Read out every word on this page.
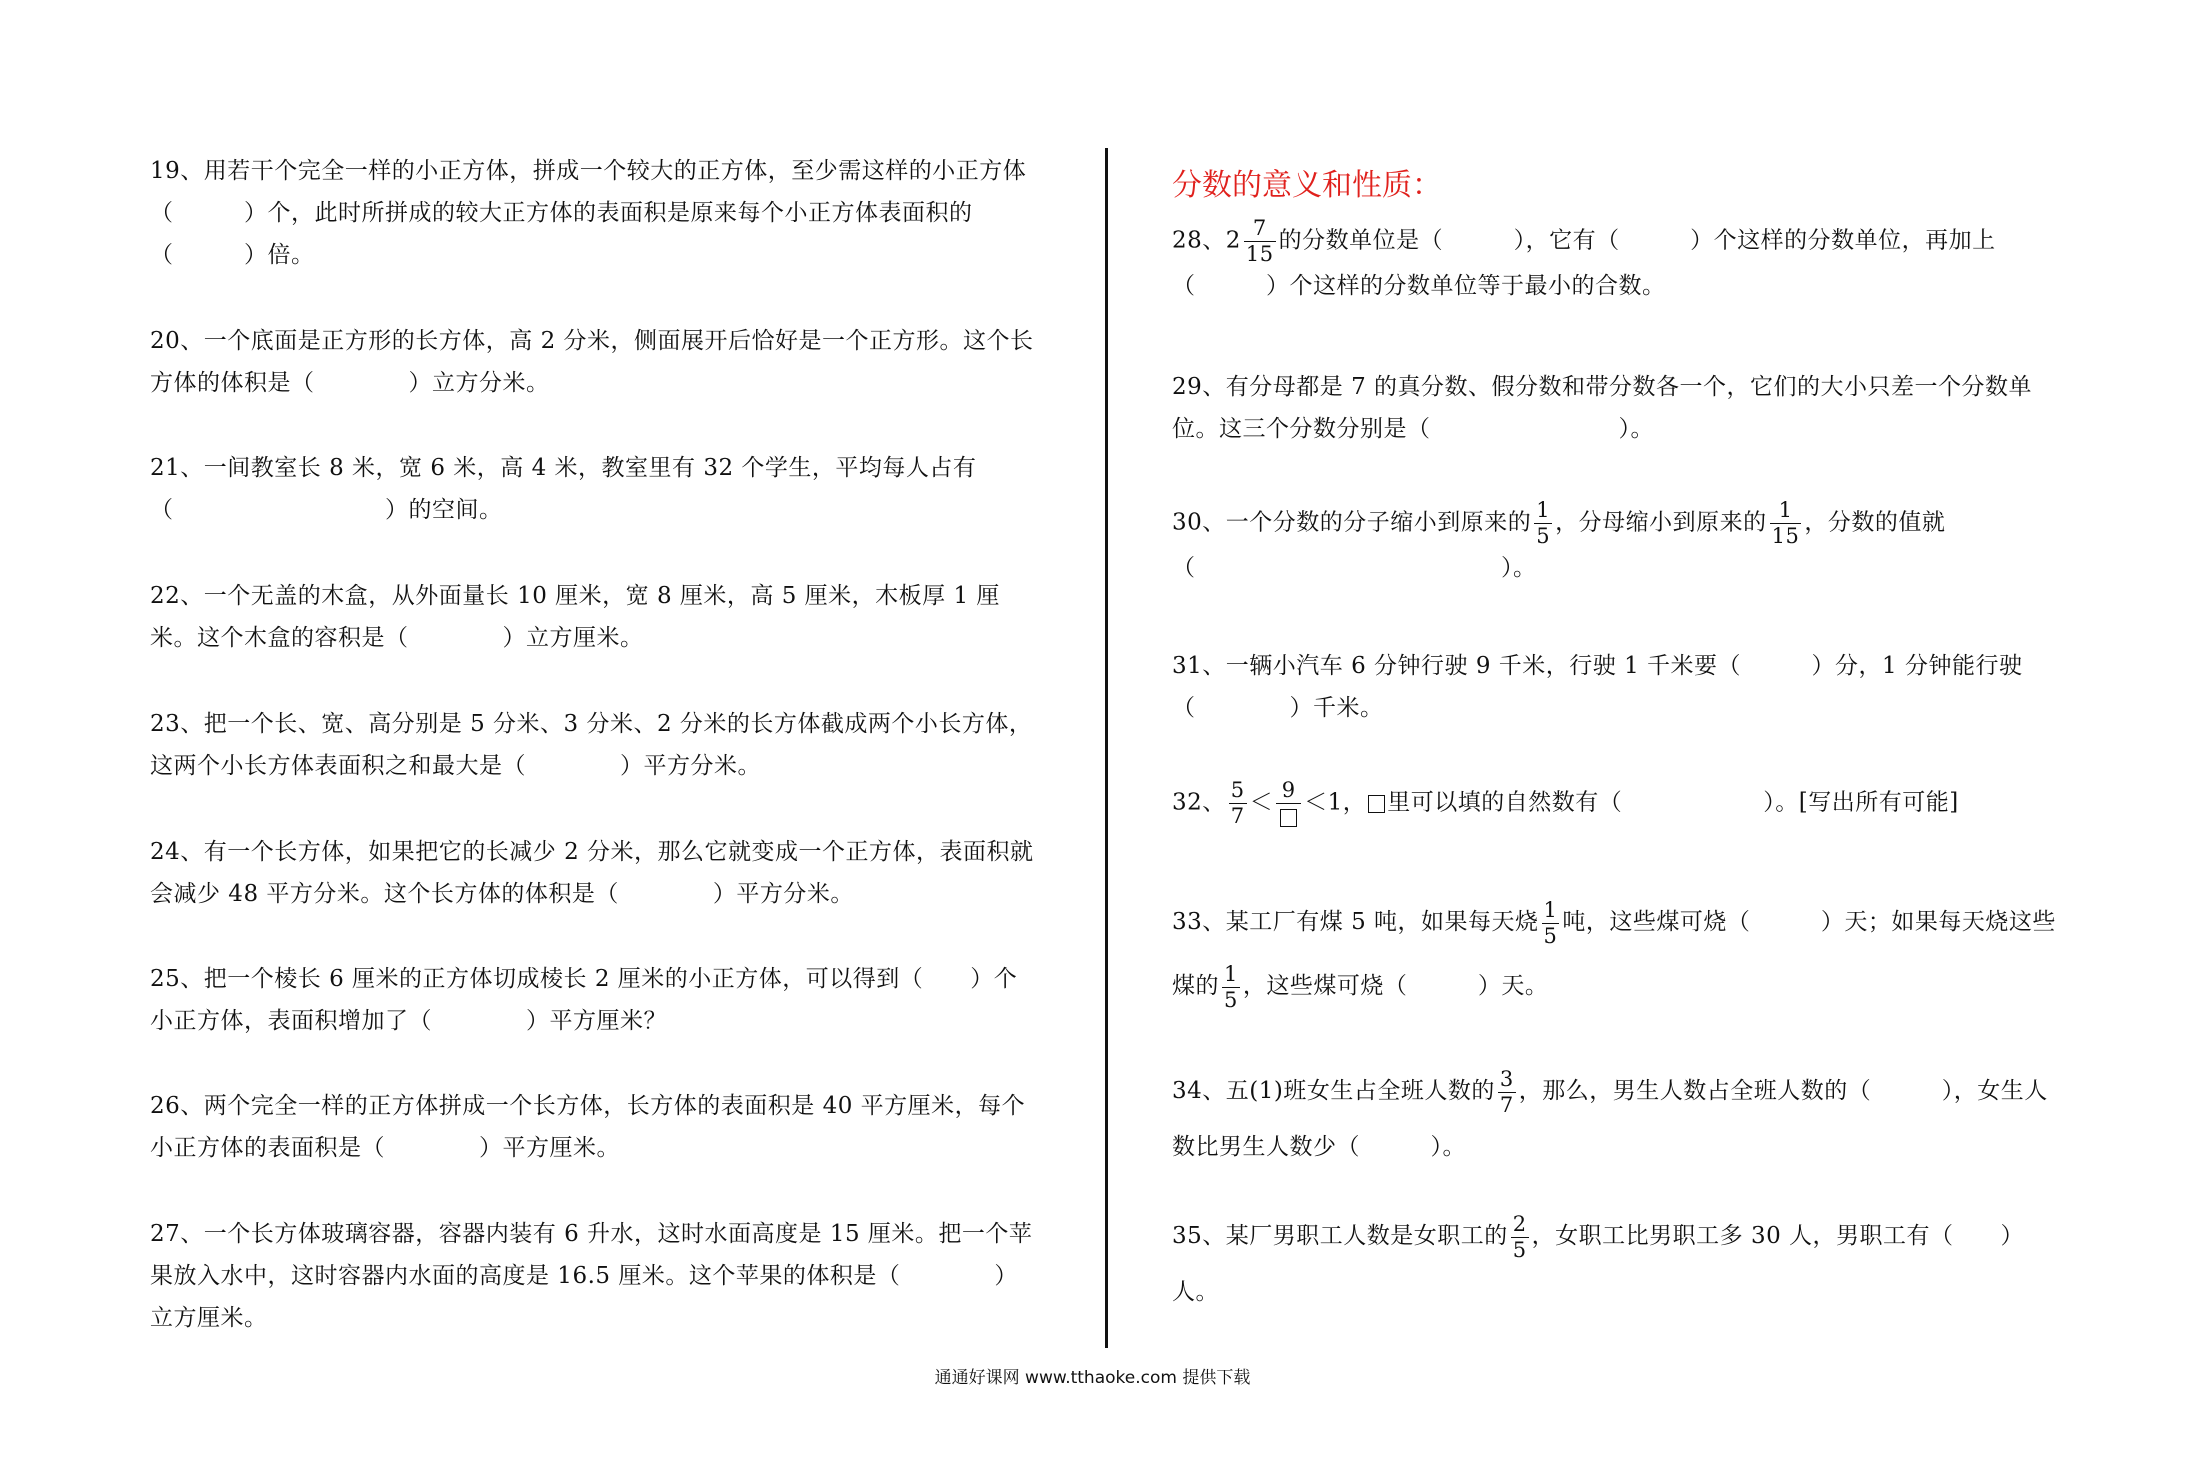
19、用若干个完全一样的小正方体，拼成一个较大的正方体，至少需这样的小正方体（　　　）个，此时所拼成的较大正方体的表面积是原来每个小正方体表面积的（　　　）倍。

20、一个底面是正方形的长方体，高 2 分米，侧面展开后恰好是一个正方形。这个长方体的体积是（　　　　）立方分米。

21、一间教室长 8 米，宽 6 米，高 4 米，教室里有 32 个学生，平均每人占有（　　　　　　　　　）的空间。

22、一个无盖的木盒，从外面量长 10 厘米，宽 8 厘米，高 5 厘米，木板厚 1 厘米。这个木盒的容积是（　　　　）立方厘米。

23、把一个长、宽、高分别是 5 分米、3 分米、2 分米的长方体截成两个小长方体，这两个小长方体表面积之和最大是（　　　　）平方分米。

24、有一个长方体，如果把它的长减少 2 分米，那么它就变成一个正方体，表面积就会减少 48 平方分米。这个长方体的体积是（　　　　）平方分米。

25、把一个棱长 6 厘米的正方体切成棱长 2 厘米的小正方体，可以得到（　　）个小正方体，表面积增加了（　　　　）平方厘米？

26、两个完全一样的正方体拼成一个长方体，长方体的表面积是 40 平方厘米，每个小正方体的表面积是（　　　　）平方厘米。

27、一个长方体玻璃容器，容器内装有 6 升水，这时水面高度是 15 厘米。把一个苹果放入水中，这时容器内水面的高度是 16.5 厘米。这个苹果的体积是（　　　　）立方厘米。

分数的意义和性质：

28、$2 \frac{7}{15}$ 的分数单位是（　　　），它有（　　　）个这样的分数单位，再加上（　　　）个这样的分数单位等于最小的合数。

29、有分母都是 7 的真分数、假分数和带分数各一个，它们的大小只差一个分数单位。这三个分数分别是（　　　　　　　　）。

30、一个分数的分子缩小到原来的 $\frac{1}{5}$ ，分母缩小到原来的 $\frac{1}{15}$ ，分数的值就（　　　　　　　　　　　　　）。

31、一辆小汽车 6 分钟行驶 9 千米，行驶 1 千米要（　　　）分，1 分钟能行驶（　　　　）千米。

32、 $\frac{5}{7} < 9 <1$， 里可以填的自然数有（　　　　　　）。[写出所有可能]

33、某工厂有煤 5 吨，如果每天烧 $\frac{1}{5}$ 吨，这些煤可烧（　　　）天；如果每天烧这些煤的 $\frac{1}{5}$ ，这些煤可烧（　　　）天。

34、五(1)班女生占全班人数的 $\frac{3}{7}$ ，那么，男生人数占全班人数的（　　　），女生人数比男生人数少（　　　）。

35、某厂男职工人数是女职工的 $\frac{2}{5}$ ，女职工比男职工多 30 人，男职工有（　　）人。

通通好课网 www.tthaoke.com 提供下载
